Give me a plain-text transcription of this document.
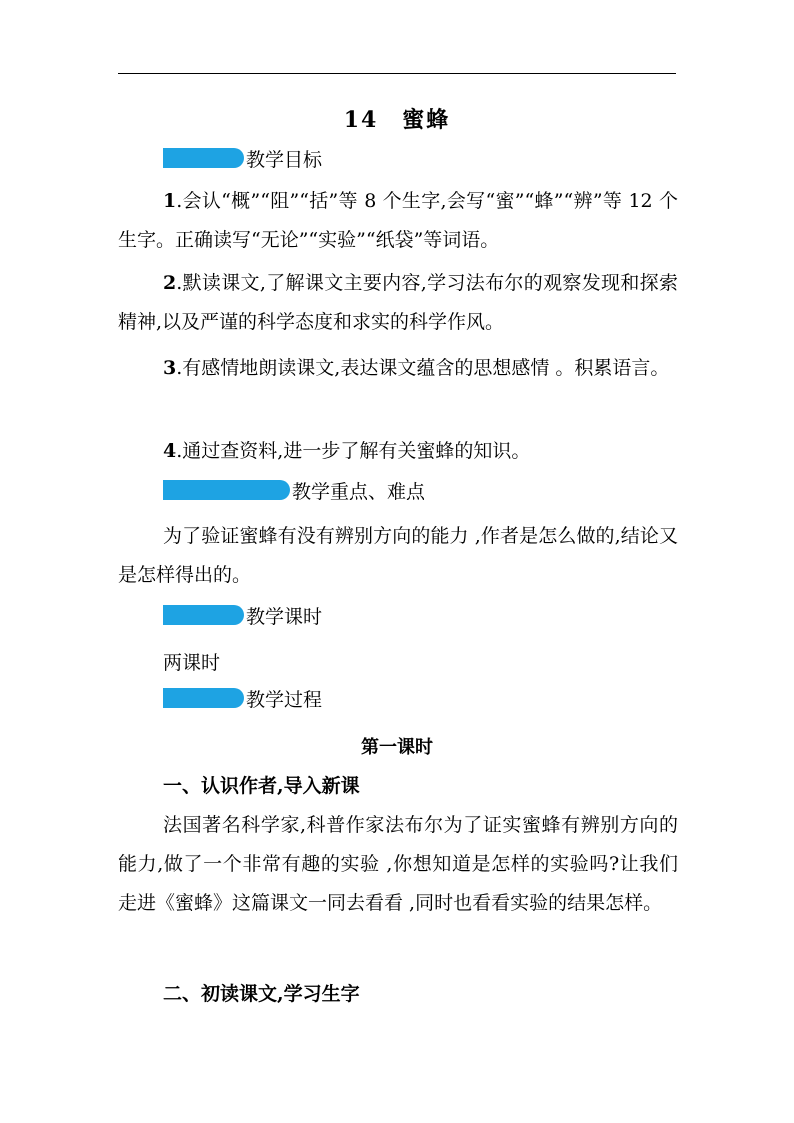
14　蜜蜂
教学目标
1.会认“概”“阻”“括”等 8 个生字,会写“蜜”“蜂”“辨”等 12 个生字。正确读写“无论”“实验”“纸袋”等词语。
2.默读课文,了解课文主要内容,学习法布尔的观察发现和探索精神,以及严谨的科学态度和求实的科学作风。
3.有感情地朗读课文,表达课文蕴含的思想感情 。积累语言。
4.通过查资料,进一步了解有关蜜蜂的知识。
教学重点、难点
为了验证蜜蜂有没有辨别方向的能力 ,作者是怎么做的,结论又是怎样得出的。
教学课时
两课时
教学过程
第一课时
一、认识作者,导入新课
法国著名科学家,科普作家法布尔为了证实蜜蜂有辨别方向的能力,做了一个非常有趣的实验 ,你想知道是怎样的实验吗?让我们走进《蜜蜂》这篇课文一同去看看 ,同时也看看实验的结果怎样。
二、初读课文,学习生字
